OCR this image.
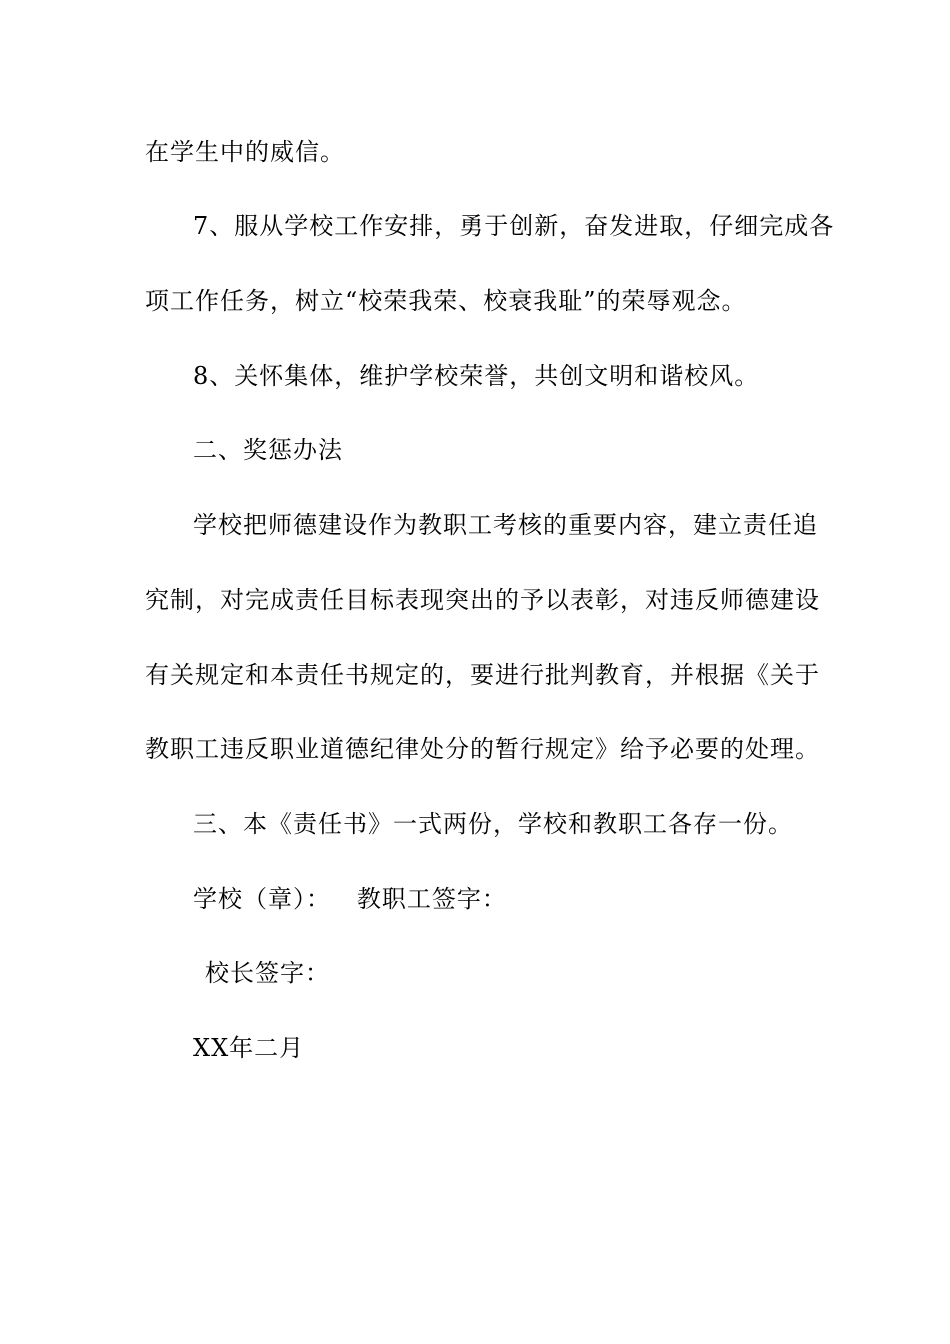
在学生中的威信。
7、服从学校工作安排，勇于创新，奋发进取，仔细完成各
项工作任务，树立“校荣我荣、校衰我耻”的荣辱观念。
8、关怀集体，维护学校荣誉，共创文明和谐校风。
二、奖惩办法
学校把师德建设作为教职工考核的重要内容，建立责任追
究制，对完成责任目标表现突出的予以表彰，对违反师德建设
有关规定和本责任书规定的，要进行批判教育，并根据《关于
教职工违反职业道德纪律处分的暂行规定》给予必要的处理。
三、本《责任书》一式两份，学校和教职工各存一份。
学校（章）：   教职工签字：
校长签字：
XX年二月
